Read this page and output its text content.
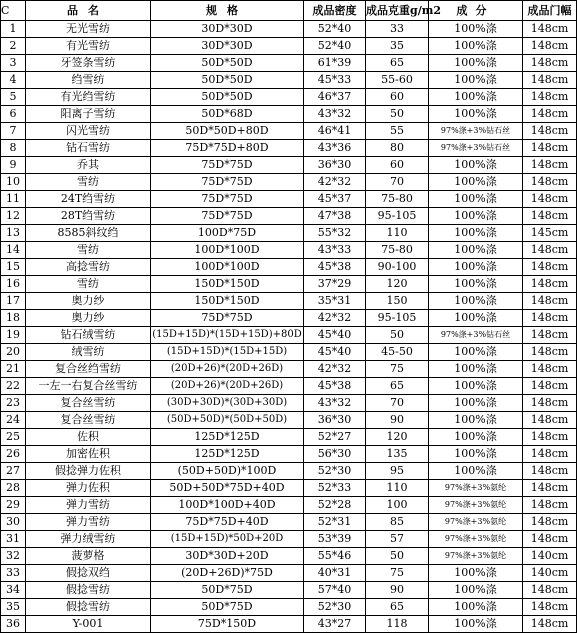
C	品名	规格	成品密度	成品克重g/m2	成分	成品门幅
1	无光雪纺	30D*30D	52*40	33	100%涤	148cm
2	有光雪纺	30D*30D	52*40	35	100%涤	148cm
3	牙签条雪纺	50D*50D	61*39	65	100%涤	148cm
4	绉雪纺	50D*50D	45*33	55-60	100%涤	148cm
5	有光绉雪纺	50D*50D	46*37	60	100%涤	148cm
6	阳离子雪纺	50D*68D	43*32	50	100%涤	148cm
7	闪光雪纺	50D*50D+80D	46*41	55	97%涤+3%钻石丝	148cm
8	钻石雪纺	75D*75D+80D	43*36	80	97%涤+3%钻石丝	148cm
9	乔其	75D*75D	36*30	60	100%涤	148cm
10	雪纺	75D*75D	42*32	70	100%涤	148cm
11	24T绉雪纺	75D*75D	45*37	75-80	100%涤	148cm
12	28T绉雪纺	75D*75D	47*38	95-105	100%涤	148cm
13	8585斜纹绉	100D*75D	55*32	110	100%涤	145cm
14	雪纺	100D*100D	43*33	75-80	100%涤	148cm
15	高捻雪纺	100D*100D	45*38	90-100	100%涤	148cm
16	雪纺	150D*150D	37*29	120	100%涤	148cm
17	奥力纱	150D*150D	35*31	150	100%涤	148cm
18	奥力纱	75D*75D	42*32	95-105	100%涤	148cm
19	钻石绒雪纺	(15D+15D)*(15D+15D)+80D	45*40	50	97%涤+3%钻石丝	148cm
20	绒雪纺	(15D+15D)*(15D+15D)	45*40	45-50	100%涤	148cm
21	复合丝绉雪纺	(20D+26)*(20D+26D)	42*32	75	100%涤	148cm
22	一左一右复合丝雪纺	(20D+26)*(20D+26D)	45*38	65	100%涤	148cm
23	复合丝雪纺	(30D+30D)*(30D+30D)	43*32	70	100%涤	148cm
24	复合丝雪纺	(50D+50D)*(50D+50D)	36*30	90	100%涤	148cm
25	佐积	125D*125D	52*27	120	100%涤	148cm
26	加密佐积	125D*125D	56*30	135	100%涤	148cm
27	假捻弹力佐积	(50D+50D)*100D	52*30	95	100%涤	148cm
28	弹力佐积	50D+50D*75D+40D	52*33	110	97%涤+3%氨纶	148cm
29	弹力雪纺	100D*100D+40D	52*28	100	97%涤+3%氨纶	148cm
30	弹力雪纺	75D*75D+40D	52*31	85	97%涤+3%氨纶	148cm
31	弹力绒雪纺	(15D+15D)*50D+20D	53*39	57	97%涤+3%氨纶	148cm
32	菠萝格	30D*30D+20D	55*46	50	97%涤+3%氨纶	140cm
33	假捻双绉	(20D+26D)*75D	40*31	75	100%涤	140cm
34	假捻雪纺	50D*75D	57*40	90	100%涤	148cm
35	假捻雪纺	50D*75D	52*30	65	100%涤	148cm
36	Y-001	75D*150D	43*27	118	100%涤	148cm
